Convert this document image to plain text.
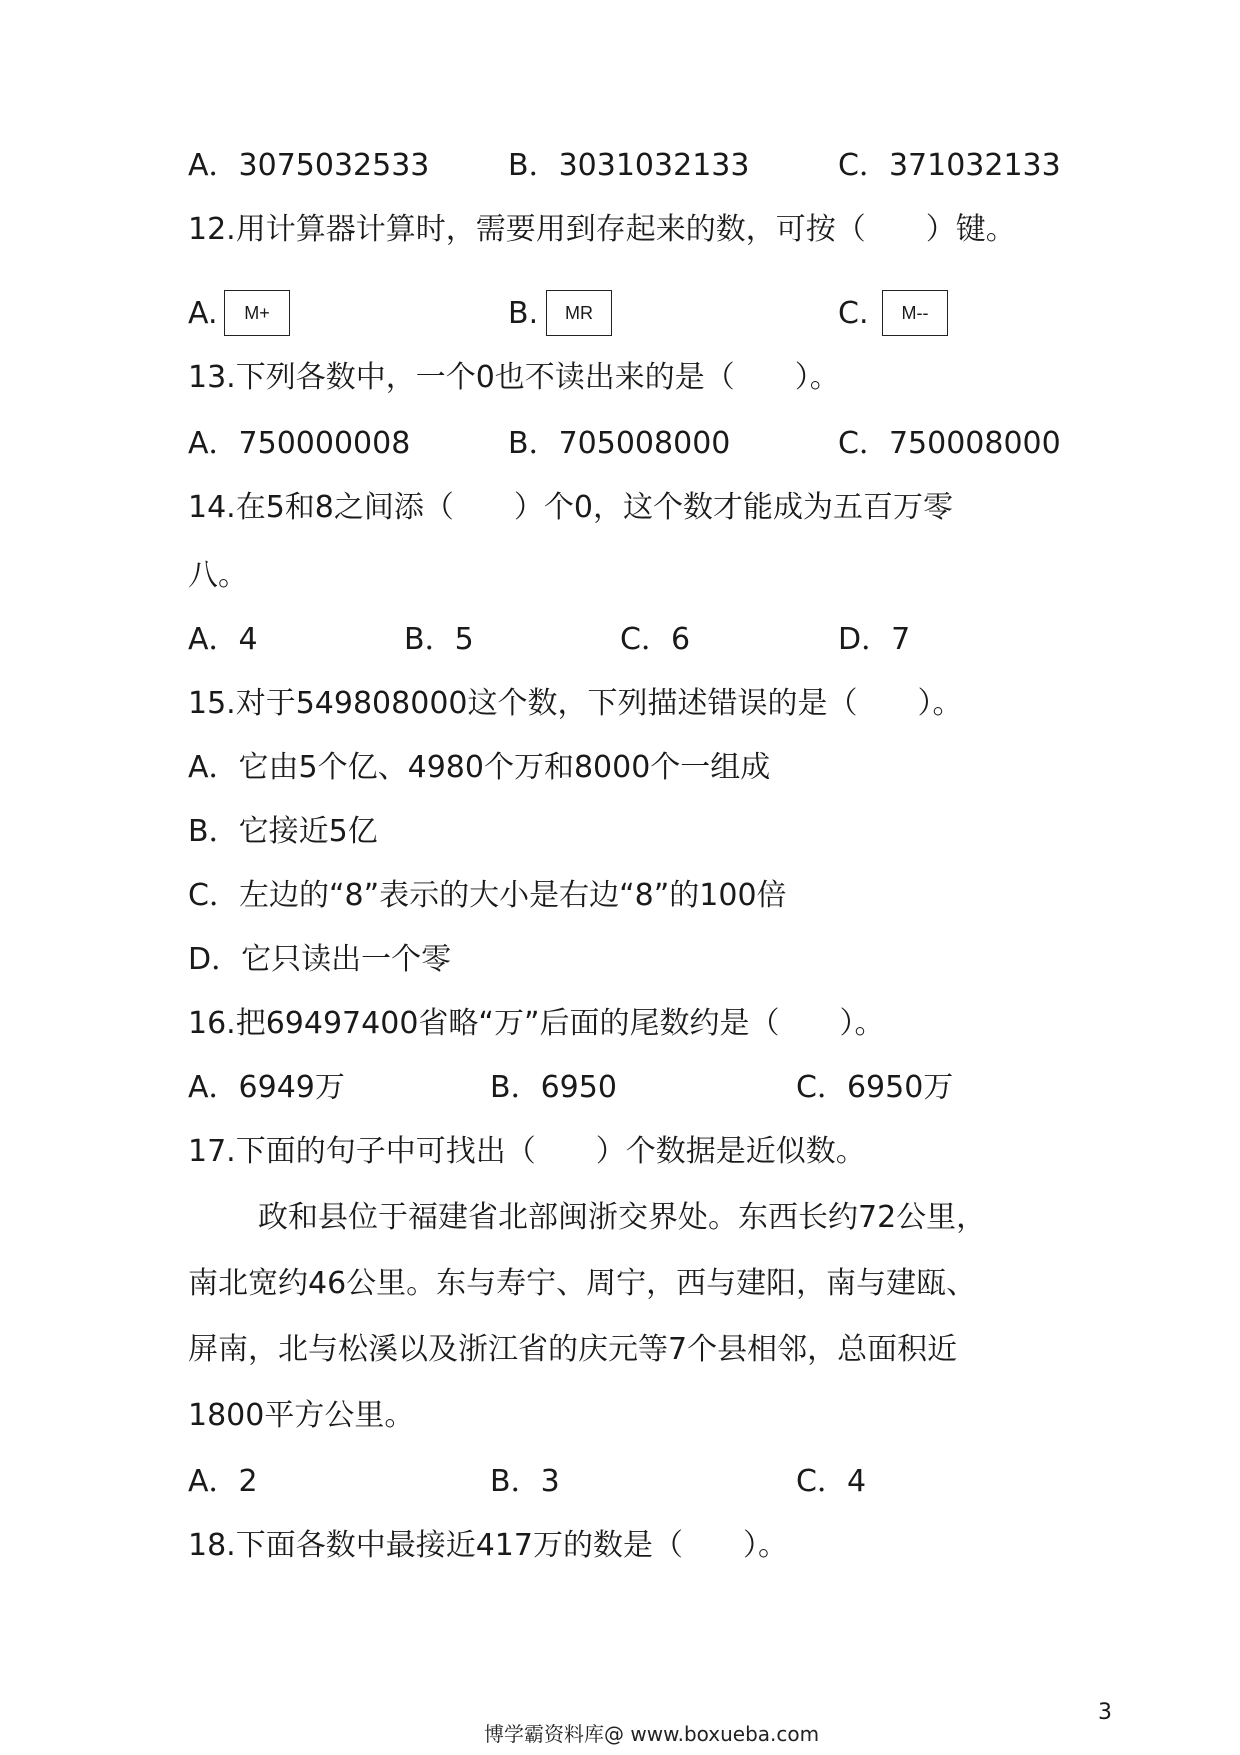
A．3075032533	B．3031032133	C．371032133
12.用计算器计算时，需要用到存起来的数，可按（　　）键。
A.	M+	B.	MR	C.	M--
13.下列各数中，一个0也不读出来的是（　　）。
A．750000008	B．705008000	C．750008000
14.在5和8之间添（　　）个0，这个数才能成为五百万零
八。
A．4	B．5	C．6	D．7
15.对于549808000这个数，下列描述错误的是（　　）。
A．它由5个亿、4980个万和8000个一组成
B．它接近5亿
C．左边的“8”表示的大小是右边“8”的100倍
D．它只读出一个零
16.把69497400省略“万”后面的尾数约是（　　）。
A．6949万	B．6950	C．6950万
17.下面的句子中可找出（　　）个数据是近似数。
政和县位于福建省北部闽浙交界处。东西长约72公里，
南北宽约46公里。东与寿宁、周宁，西与建阳，南与建瓯、
屏南，北与松溪以及浙江省的庆元等7个县相邻，总面积近
1800平方公里。
A．2	B．3	C．4
18.下面各数中最接近417万的数是（　　）。
3
博学霸资料库@ www.boxueba.com
